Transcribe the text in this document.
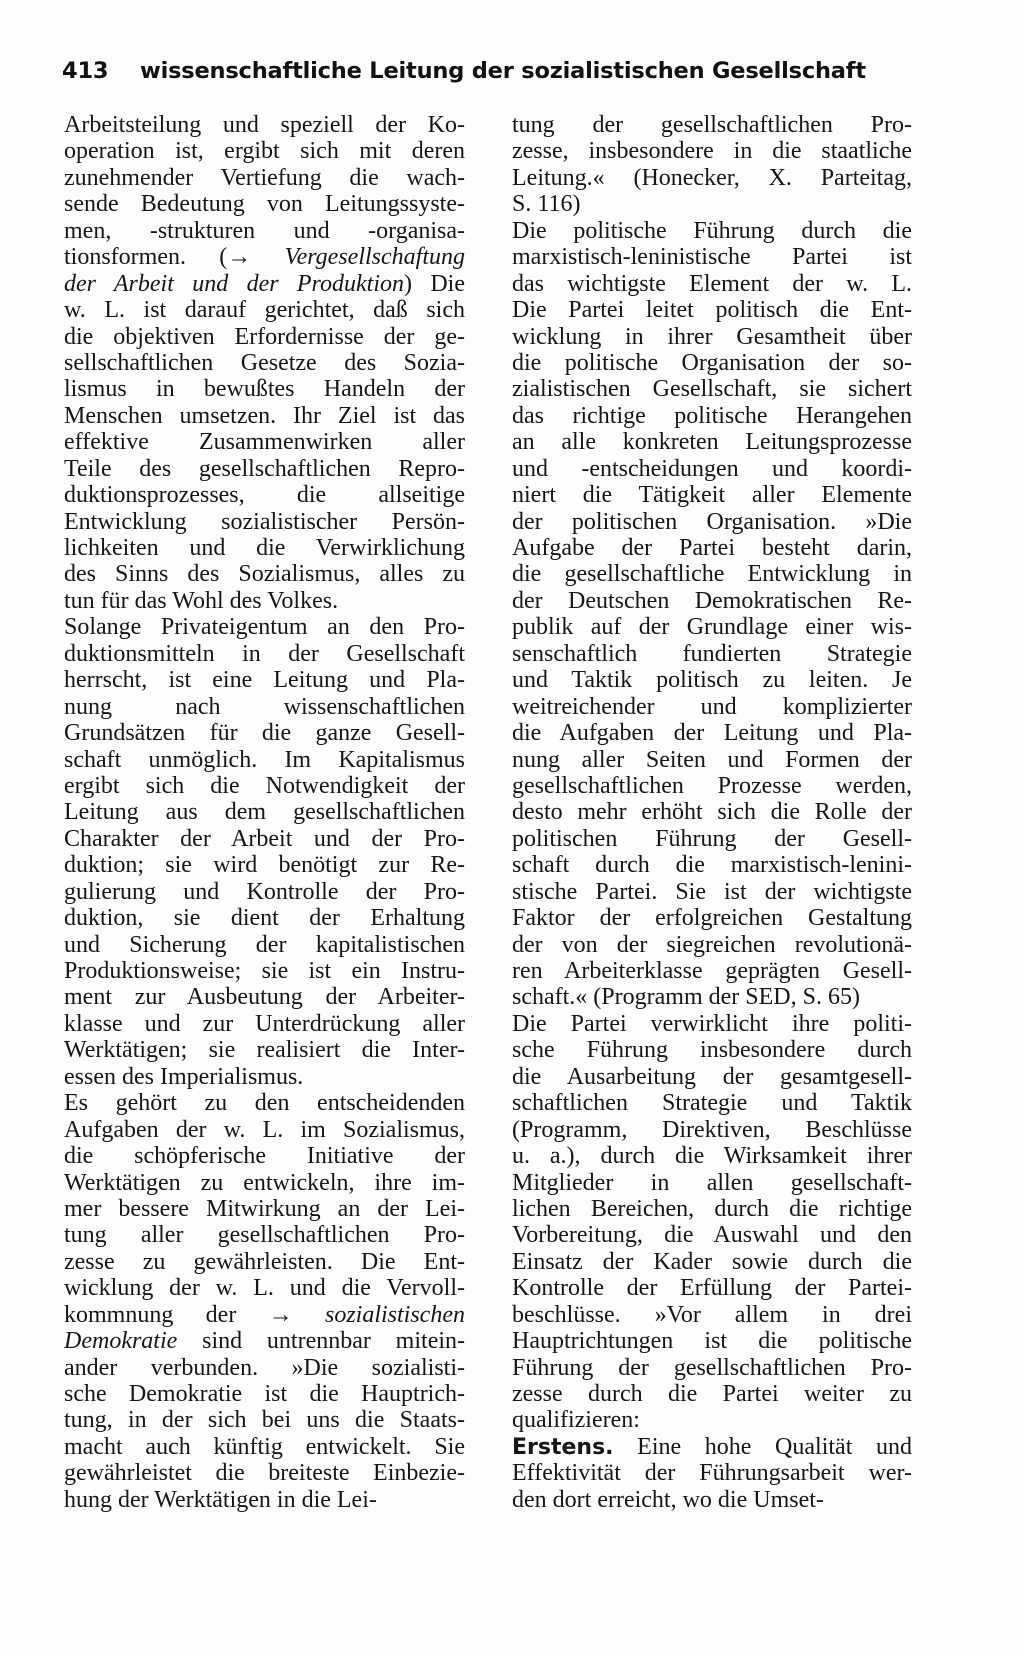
413 wissenschaftliche Leitung der sozialistischen Gesellschaft
Arbeitsteilung und speziell der Ko-
operation ist, ergibt sich mit deren
zunehmender Vertiefung die wach-
sende Bedeutung von Leitungssyste-
men, -strukturen und -organisa-
tionsformen. (→ Vergesellschaftung
der Arbeit und der Produktion) Die
w. L. ist darauf gerichtet, daß sich
die objektiven Erfordernisse der ge-
sellschaftlichen Gesetze des Sozia-
lismus in bewußtes Handeln der
Menschen umsetzen. Ihr Ziel ist das
effektive Zusammenwirken aller
Teile des gesellschaftlichen Repro-
duktionsprozesses, die allseitige
Entwicklung sozialistischer Persön-
lichkeiten und die Verwirklichung
des Sinns des Sozialismus, alles zu
tun für das Wohl des Volkes.
Solange Privateigentum an den Pro-
duktionsmitteln in der Gesellschaft
herrscht, ist eine Leitung und Pla-
nung nach wissenschaftlichen
Grundsätzen für die ganze Gesell-
schaft unmöglich. Im Kapitalismus
ergibt sich die Notwendigkeit der
Leitung aus dem gesellschaftlichen
Charakter der Arbeit und der Pro-
duktion; sie wird benötigt zur Re-
gulierung und Kontrolle der Pro-
duktion, sie dient der Erhaltung
und Sicherung der kapitalistischen
Produktionsweise; sie ist ein Instru-
ment zur Ausbeutung der Arbeiter-
klasse und zur Unterdrückung aller
Werktätigen; sie realisiert die Inter-
essen des Imperialismus.
Es gehört zu den entscheidenden
Aufgaben der w. L. im Sozialismus,
die schöpferische Initiative der
Werktätigen zu entwickeln, ihre im-
mer bessere Mitwirkung an der Lei-
tung aller gesellschaftlichen Pro-
zesse zu gewährleisten. Die Ent-
wicklung der w. L. und die Vervoll-
kommnung der → sozialistischen
Demokratie sind untrennbar mitein-
ander verbunden. »Die sozialisti-
sche Demokratie ist die Hauptrich-
tung, in der sich bei uns die Staats-
macht auch künftig entwickelt. Sie
gewährleistet die breiteste Einbezie-
hung der Werktätigen in die Lei-
tung der gesellschaftlichen Pro-
zesse, insbesondere in die staatliche
Leitung.« (Honecker, X. Parteitag,
S. 116)
Die politische Führung durch die
marxistisch-leninistische Partei ist
das wichtigste Element der w. L.
Die Partei leitet politisch die Ent-
wicklung in ihrer Gesamtheit über
die politische Organisation der so-
zialistischen Gesellschaft, sie sichert
das richtige politische Herangehen
an alle konkreten Leitungsprozesse
und -entscheidungen und koordi-
niert die Tätigkeit aller Elemente
der politischen Organisation. »Die
Aufgabe der Partei besteht darin,
die gesellschaftliche Entwicklung in
der Deutschen Demokratischen Re-
publik auf der Grundlage einer wis-
senschaftlich fundierten Strategie
und Taktik politisch zu leiten. Je
weitreichender und komplizierter
die Aufgaben der Leitung und Pla-
nung aller Seiten und Formen der
gesellschaftlichen Prozesse werden,
desto mehr erhöht sich die Rolle der
politischen Führung der Gesell-
schaft durch die marxistisch-lenini-
stische Partei. Sie ist der wichtigste
Faktor der erfolgreichen Gestaltung
der von der siegreichen revolutionä-
ren Arbeiterklasse geprägten Gesell-
schaft.« (Programm der SED, S. 65)
Die Partei verwirklicht ihre politi-
sche Führung insbesondere durch
die Ausarbeitung der gesamtgesell-
schaftlichen Strategie und Taktik
(Programm, Direktiven, Beschlüsse
u. a.), durch die Wirksamkeit ihrer
Mitglieder in allen gesellschaft-
lichen Bereichen, durch die richtige
Vorbereitung, die Auswahl und den
Einsatz der Kader sowie durch die
Kontrolle der Erfüllung der Partei-
beschlüsse. »Vor allem in drei
Hauptrichtungen ist die politische
Führung der gesellschaftlichen Pro-
zesse durch die Partei weiter zu
qualifizieren:
Erstens. Eine hohe Qualität und
Effektivität der Führungsarbeit wer-
den dort erreicht, wo die Umset-
